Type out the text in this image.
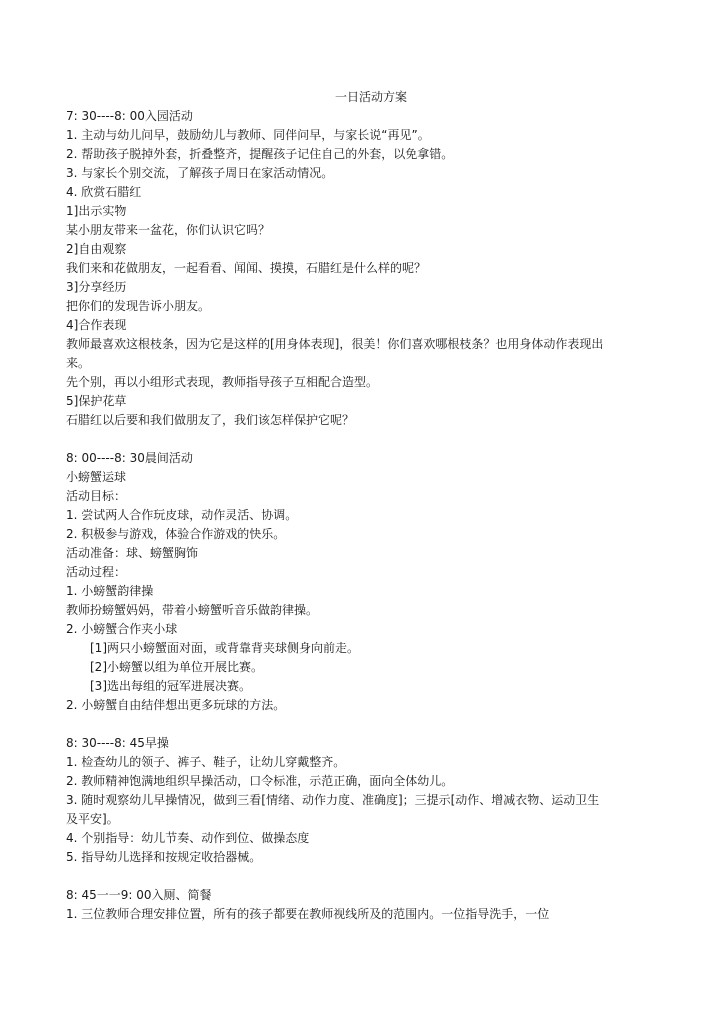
一日活动方案
7: 30----8: 00入园活动
1. 主动与幼儿问早，鼓励幼儿与教师、同伴问早，与家长说“再见”。
2. 帮助孩子脱掉外套，折叠整齐，提醒孩子记住自己的外套，以免拿错。
3. 与家长个别交流，了解孩子周日在家活动情况。
4. 欣赏石腊红
1]出示实物
某小朋友带来一盆花，你们认识它吗？
2]自由观察
我们来和花做朋友，一起看看、闻闻、摸摸，石腊红是什么样的呢？
3]分享经历
把你们的发现告诉小朋友。
4]合作表现
教师最喜欢这根枝条，因为它是这样的[用身体表现]，很美！你们喜欢哪根枝条？也用身体动作表现出来。
先个别，再以小组形式表现，教师指导孩子互相配合造型。
5]保护花草
石腊红以后要和我们做朋友了，我们该怎样保护它呢？
8: 00----8: 30晨间活动
小螃蟹运球
活动目标：
1. 尝试两人合作玩皮球，动作灵活、协调。
2. 积极参与游戏，体验合作游戏的快乐。
活动准备：球、螃蟹胸饰
活动过程：
1. 小螃蟹韵律操
教师扮螃蟹妈妈，带着小螃蟹听音乐做韵律操。
2. 小螃蟹合作夹小球
[1]两只小螃蟹面对面，或背靠背夹球侧身向前走。
[2]小螃蟹以组为单位开展比赛。
[3]选出每组的冠军进展决赛。
2. 小螃蟹自由结伴想出更多玩球的方法。
8: 30----8: 45早操
1. 检查幼儿的领子、裤子、鞋子，让幼儿穿戴整齐。
2. 教师精神饱满地组织早操活动，口令标准，示范正确，面向全体幼儿。
3. 随时观察幼儿早操情况，做到三看[情绪、动作力度、准确度]；三提示[动作、增减衣物、运动卫生及平安]。
4. 个别指导：幼儿节奏、动作到位、做操态度
5. 指导幼儿选择和按规定收拾器械。
8: 45一一9: 00入厕、简餐
1. 三位教师合理安排位置，所有的孩子都要在教师视线所及的范围内。一位指导洗手，一位
